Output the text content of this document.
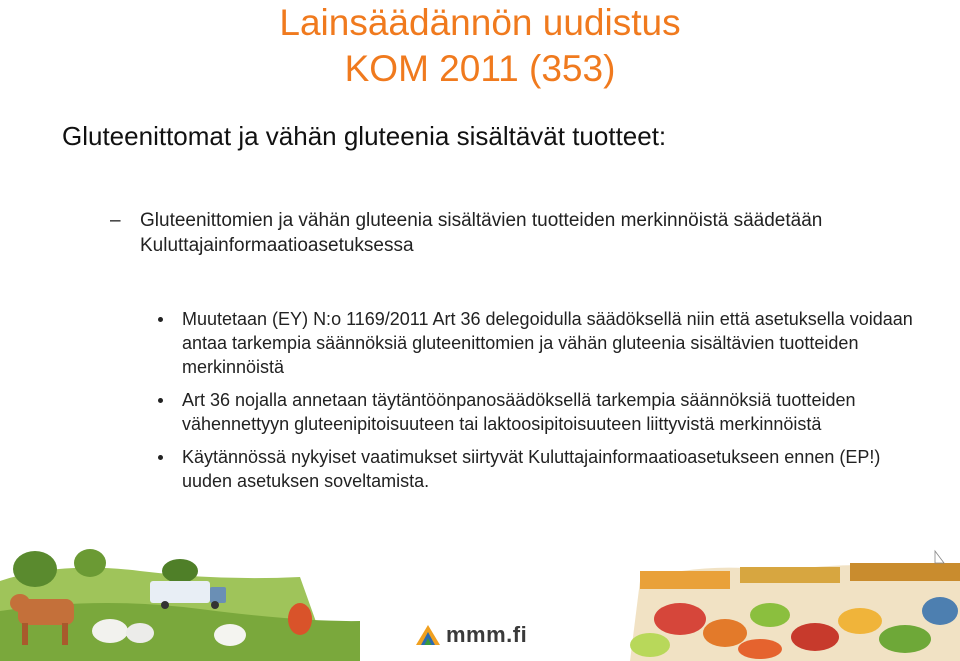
Lainsäädännön uudistus
KOM 2011 (353)
Gluteenittomat ja vähän gluteenia sisältävät tuotteet:
– Gluteenittomien ja vähän gluteenia sisältävien tuotteiden merkinnöistä säädetään Kuluttajainformaatioasetuksessa
Muutetaan (EY) N:o 1169/2011 Art 36 delegoidulla säädöksellä niin että asetuksella voidaan antaa tarkempia säännöksiä gluteenittomien ja vähän gluteenia sisältävien tuotteiden merkinnöistä
Art 36 nojalla annetaan täytäntöönpanosäädöksellä tarkempia säännöksiä tuotteiden vähennettyyn gluteenipitoisuuteen tai laktoosipitoisuuteen liittyvistä merkinnöistä
Käytännössä nykyiset vaatimukset siirtyvät Kuluttajainformaatioasetukseen ennen (EP!) uuden asetuksen soveltamista.
mmm.fi
